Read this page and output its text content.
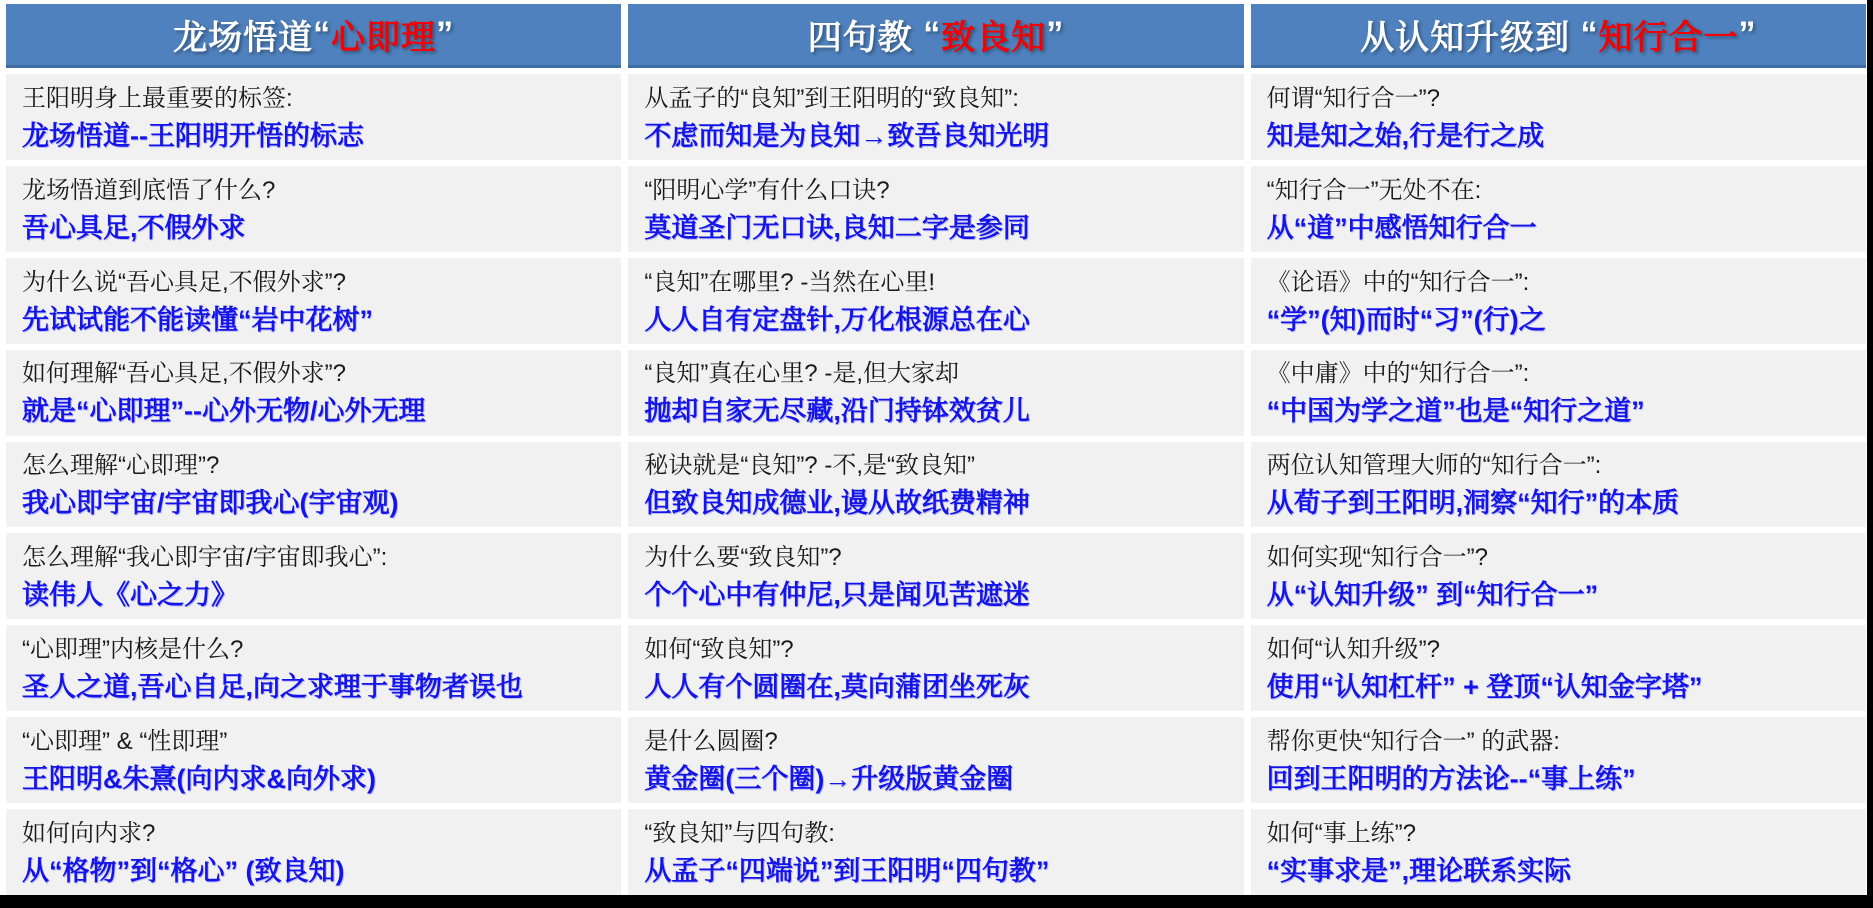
龙场悟道 “ 心即理 ”
王阳明身上最重要的标签:
龙场悟道--王阳明开悟的标志
龙场悟道到底悟了什么?
吾心具足,不假外求
为什么说“吾心具足,不假外求”?
先试试能不能读懂“岩中花树”
如何理解“吾心具足,不假外求”?
就是“心即理”--心外无物/心外无理
怎么理解“心即理”?
我心即宇宙/宇宙即我心(宇宙观)
怎么理解“我心即宇宙/宇宙即我心”:
读伟人《心之力》
“心即理”内核是什么?
圣人之道,吾心自足,向之求理于事物者误也
“心即理” & “性即理”
王阳明&朱熹(向内求&向外求)
如何向内求?
从“格物”到“格心” (致良知)
四句教 “ 致良知 ”
从孟子的“良知”到王阳明的“致良知”:
不虑而知是为良知→致吾良知光明
“阳明心学”有什么口诀?
莫道圣门无口诀,良知二字是参同
“良知”在哪里? -当然在心里!
人人自有定盘针,万化根源总在心
“良知”真在心里? -是,但大家却
抛却自家无尽藏,沿门持钵效贫儿
秘诀就是“良知”? -不,是“致良知”
但致良知成德业,谩从故纸费精神
为什么要“致良知”?
个个心中有仲尼,只是闻见苦遮迷
如何“致良知”?
人人有个圆圈在,莫向蒲团坐死灰
是什么圆圈?
黄金圈(三个圈)→升级版黄金圈
“致良知”与四句教:
从孟子“四端说”到王阳明“四句教”
从认知升级到 “ 知行合一 ”
何谓“知行合一”?
知是知之始,行是行之成
“知行合一”无处不在:
从“道”中感悟知行合一
《论语》中的“知行合一”:
“学”(知)而时“习”(行)之
《中庸》中的“知行合一”:
“中国为学之道”也是“知行之道”
两位认知管理大师的“知行合一”:
从荀子到王阳明,洞察“知行”的本质
如何实现“知行合一”?
从“认知升级” 到“知行合一”
如何“认知升级”?
使用“认知杠杆” + 登顶“认知金字塔”
帮你更快“知行合一” 的武器:
回到王阳明的方法论--“事上练”
如何“事上练”?
“实事求是”,理论联系实际
